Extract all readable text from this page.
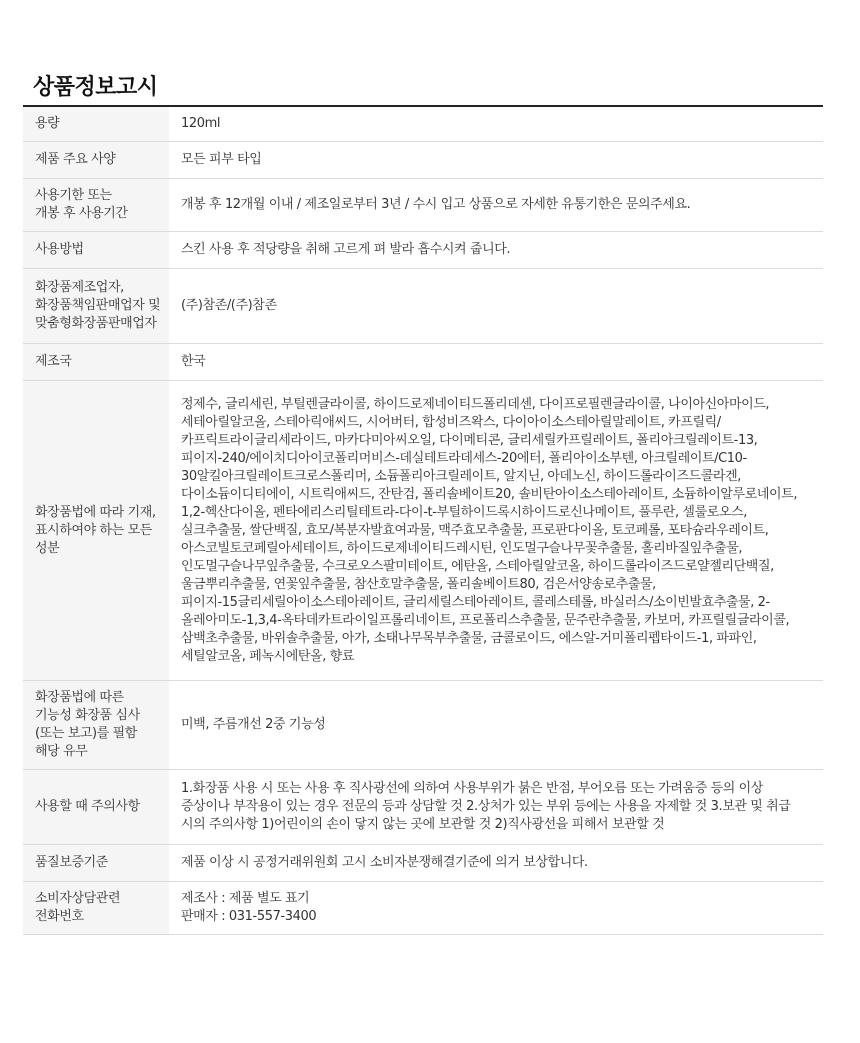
상품정보고시
용량	120ml
제품 주요 사양	모든 피부 타입
사용기한 또는
개봉 후 사용기간	개봉 후 12개월 이내 / 제조일로부터 3년 / 수시 입고 상품으로 자세한 유통기한은 문의주세요.
사용방법	스킨 사용 후 적당량을 취해 고르게 펴 발라 흡수시켜 줍니다.
화장품제조업자, 화장품책임판매업자 및 맞춤형화장품판매업자	(주)참존/(주)참존
제조국	한국
화장품법에 따라 기재, 표시하여야 하는 모든 성분	정제수, 글리세린, 부틸렌글라이콜, 하이드로제네이티드폴리데센, 다이프로필렌글라이콜, 나이아신아마이드, 세테아릴알코올, 스테아릭애씨드, 시어버터, 합성비즈왁스, 다이아이소스테아릴말레이트, 카프릴릭/카프릭트라이글리세라이드, 마카다미아씨오일, 다이메티콘, 글리세릴카프릴레이트, 폴리아크릴레이트-13, 피이지-240/에이치디아이코폴리머비스-데실테트라데세스-20에터, 폴리아이소부텐, 아크릴레이트/C10-30알킬아크릴레이트크로스폴리머, 소듐폴리아크릴레이트, 알지닌, 아데노신, 하이드롤라이즈드콜라겐, 다이소듐이디티에이, 시트릭애씨드, 잔탄검, 폴리솔베이트20, 솔비탄아이소스테아레이트, 소듐하이알루로네이트, 1,2-헥산다이올, 펜타에리스리틸테트라-다이-t-부틸하이드록시하이드로신나메이트, 풀루란, 셀룰로오스, 실크추출물, 쌀단백질, 효모/복분자발효여과물, 맥주효모추출물, 프로판다이올, 토코페롤, 포타슘라우레이트, 아스코빌토코페릴아세테이트, 하이드로제네이티드레시틴, 인도멀구슬나무꽃추출물, 홀리바질잎추출물, 인도멀구슬나무잎추출물, 수크로오스팔미테이트, 에탄올, 스테아릴알코올, 하이드롤라이즈드로얄젤리단백질, 울금뿌리추출물, 연꽃잎추출물, 참산호말추출물, 폴리솔베이트80, 검은서양송로추출물, 피이지-15글리세릴아이소스테아레이트, 글리세릴스테아레이트, 콜레스테롤, 바실러스/소이빈발효추출물, 2-올레아미도-1,3,4-옥타데카트라이일프롤리네이트, 프로폴리스추출물, 문주란추출물, 카보머, 카프릴릴글라이콜, 삼백초추출물, 바위솔추출물, 아가, 소태나무목부추출물, 금콜로이드, 에스알-거미폴리펩타이드-1, 파파인, 세틸알코올, 페녹시에탄올, 향료
화장품법에 따른 기능성 화장품 심사(또는 보고)를 필함 해당 유무	미백, 주름개선 2중 기능성
사용할 때 주의사항	1.화장품 사용 시 또는 사용 후 직사광선에 의하여 사용부위가 붉은 반점, 부어오름 또는 가려움증 등의 이상 증상이나 부작용이 있는 경우 전문의 등과 상담할 것 2.상처가 있는 부위 등에는 사용을 자제할 것 3.보관 및 취급 시의 주의사항 1)어린이의 손이 닿지 않는 곳에 보관할 것 2)직사광선을 피해서 보관할 것
품질보증기준	제품 이상 시 공정거래위원회 고시 소비자분쟁해결기준에 의거 보상합니다.
소비자상담관련
전화번호	제조사 : 제품 별도 표기
판매자 : 031-557-3400
